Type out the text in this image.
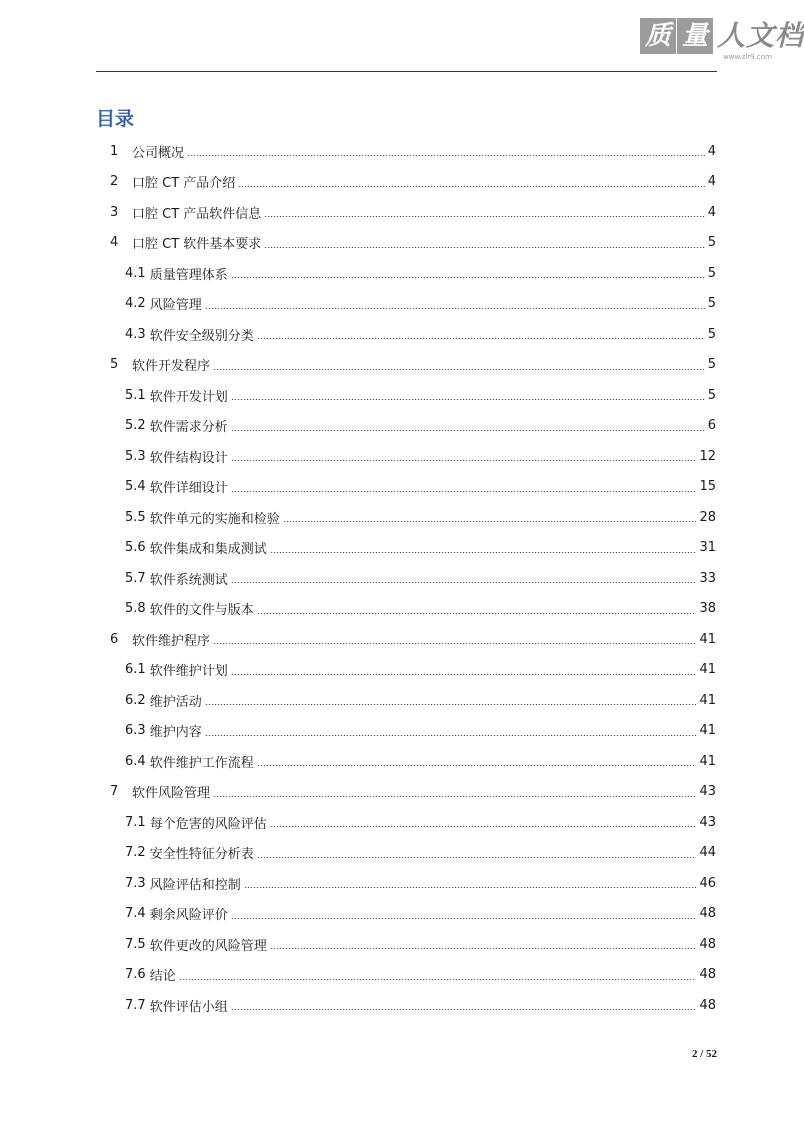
质 量 人文档
www.zlr9.com
目录
1	公司概况	4
2	口腔 CT 产品介绍	4
3	口腔 CT 产品软件信息	4
4	口腔 CT 软件基本要求	5
4.1 质量管理体系	5
4.2 风险管理	5
4.3 软件安全级别分类	5
5	软件开发程序	5
5.1 软件开发计划	5
5.2 软件需求分析	6
5.3 软件结构设计	12
5.4 软件详细设计	15
5.5 软件单元的实施和检验	28
5.6 软件集成和集成测试	31
5.7 软件系统测试	33
5.8 软件的文件与版本	38
6	软件维护程序	41
6.1 软件维护计划	41
6.2 维护活动	41
6.3 维护内容	41
6.4 软件维护工作流程	41
7	软件风险管理	43
7.1 每个危害的风险评估	43
7.2 安全性特征分析表	44
7.3 风险评估和控制	46
7.4 剩余风险评价	48
7.5 软件更改的风险管理	48
7.6 结论	48
7.7 软件评估小组	48
2 / 52
